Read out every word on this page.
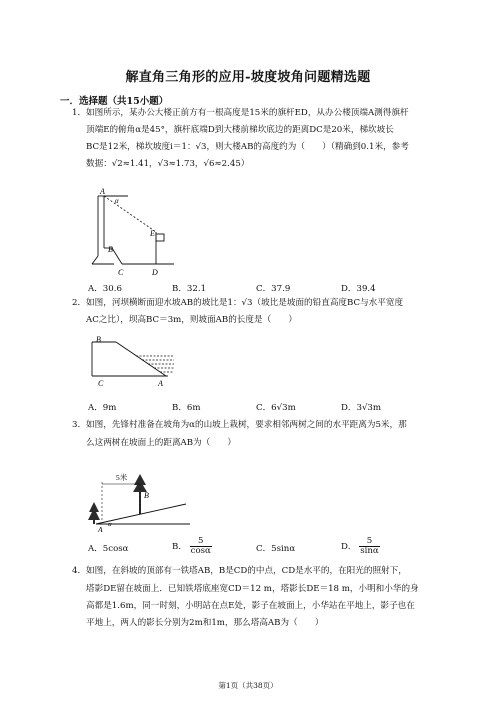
解直角三角形的应用-坡度坡角问题精选题
一．选择题（共15小题）
1．如图所示，某办公大楼正前方有一根高度是15米的旗杆ED，从办公楼顶端A测得旗杆
顶端E的俯角α是45°，旗杆底端D到大楼前梯坎底边的距离DC是20米，梯坎坡长
BC是12米，梯坎坡度i＝1：√3，则大楼AB的高度约为（　　）（精确到0.1米，参考
数据：√2≈1.41，√3≈1.73，√6≈2.45）
A
α
E
B
C	D
A．30.6	B．32.1	C．37.9	D．39.4
2．如图，河坝横断面迎水坡AB的坡比是1：√3（坡比是坡面的铅直高度BC与水平宽度
AC之比），坝高BC＝3m，则坡面AB的长度是（　　）
B
C	A
A．9m	B．6m	C．6√3m	D．3√3m
3．如图，先锋村准备在坡角为α的山坡上栽树，要求相邻两树之间的水平距离为5米，那
么这两树在坡面上的距离AB为（　　）
5米
B
A
α
A．5cosα	B． $\frac{5}{\cos\alpha}$	C．5sinα	D． $\frac{5}{\sin\alpha}$
4．如图，在斜坡的顶部有一铁塔AB，B是CD的中点，CD是水平的，在阳光的照射下，
塔影DE留在坡面上．已知铁塔底座宽CD＝12 m，塔影长DE＝18 m，小明和小华的身
高都是1.6m，同一时刻，小明站在点E处，影子在坡面上，小华站在平地上，影子也在
平地上，两人的影长分别为2m和1m，那么塔高AB为（　　）
第1页（共38页）
